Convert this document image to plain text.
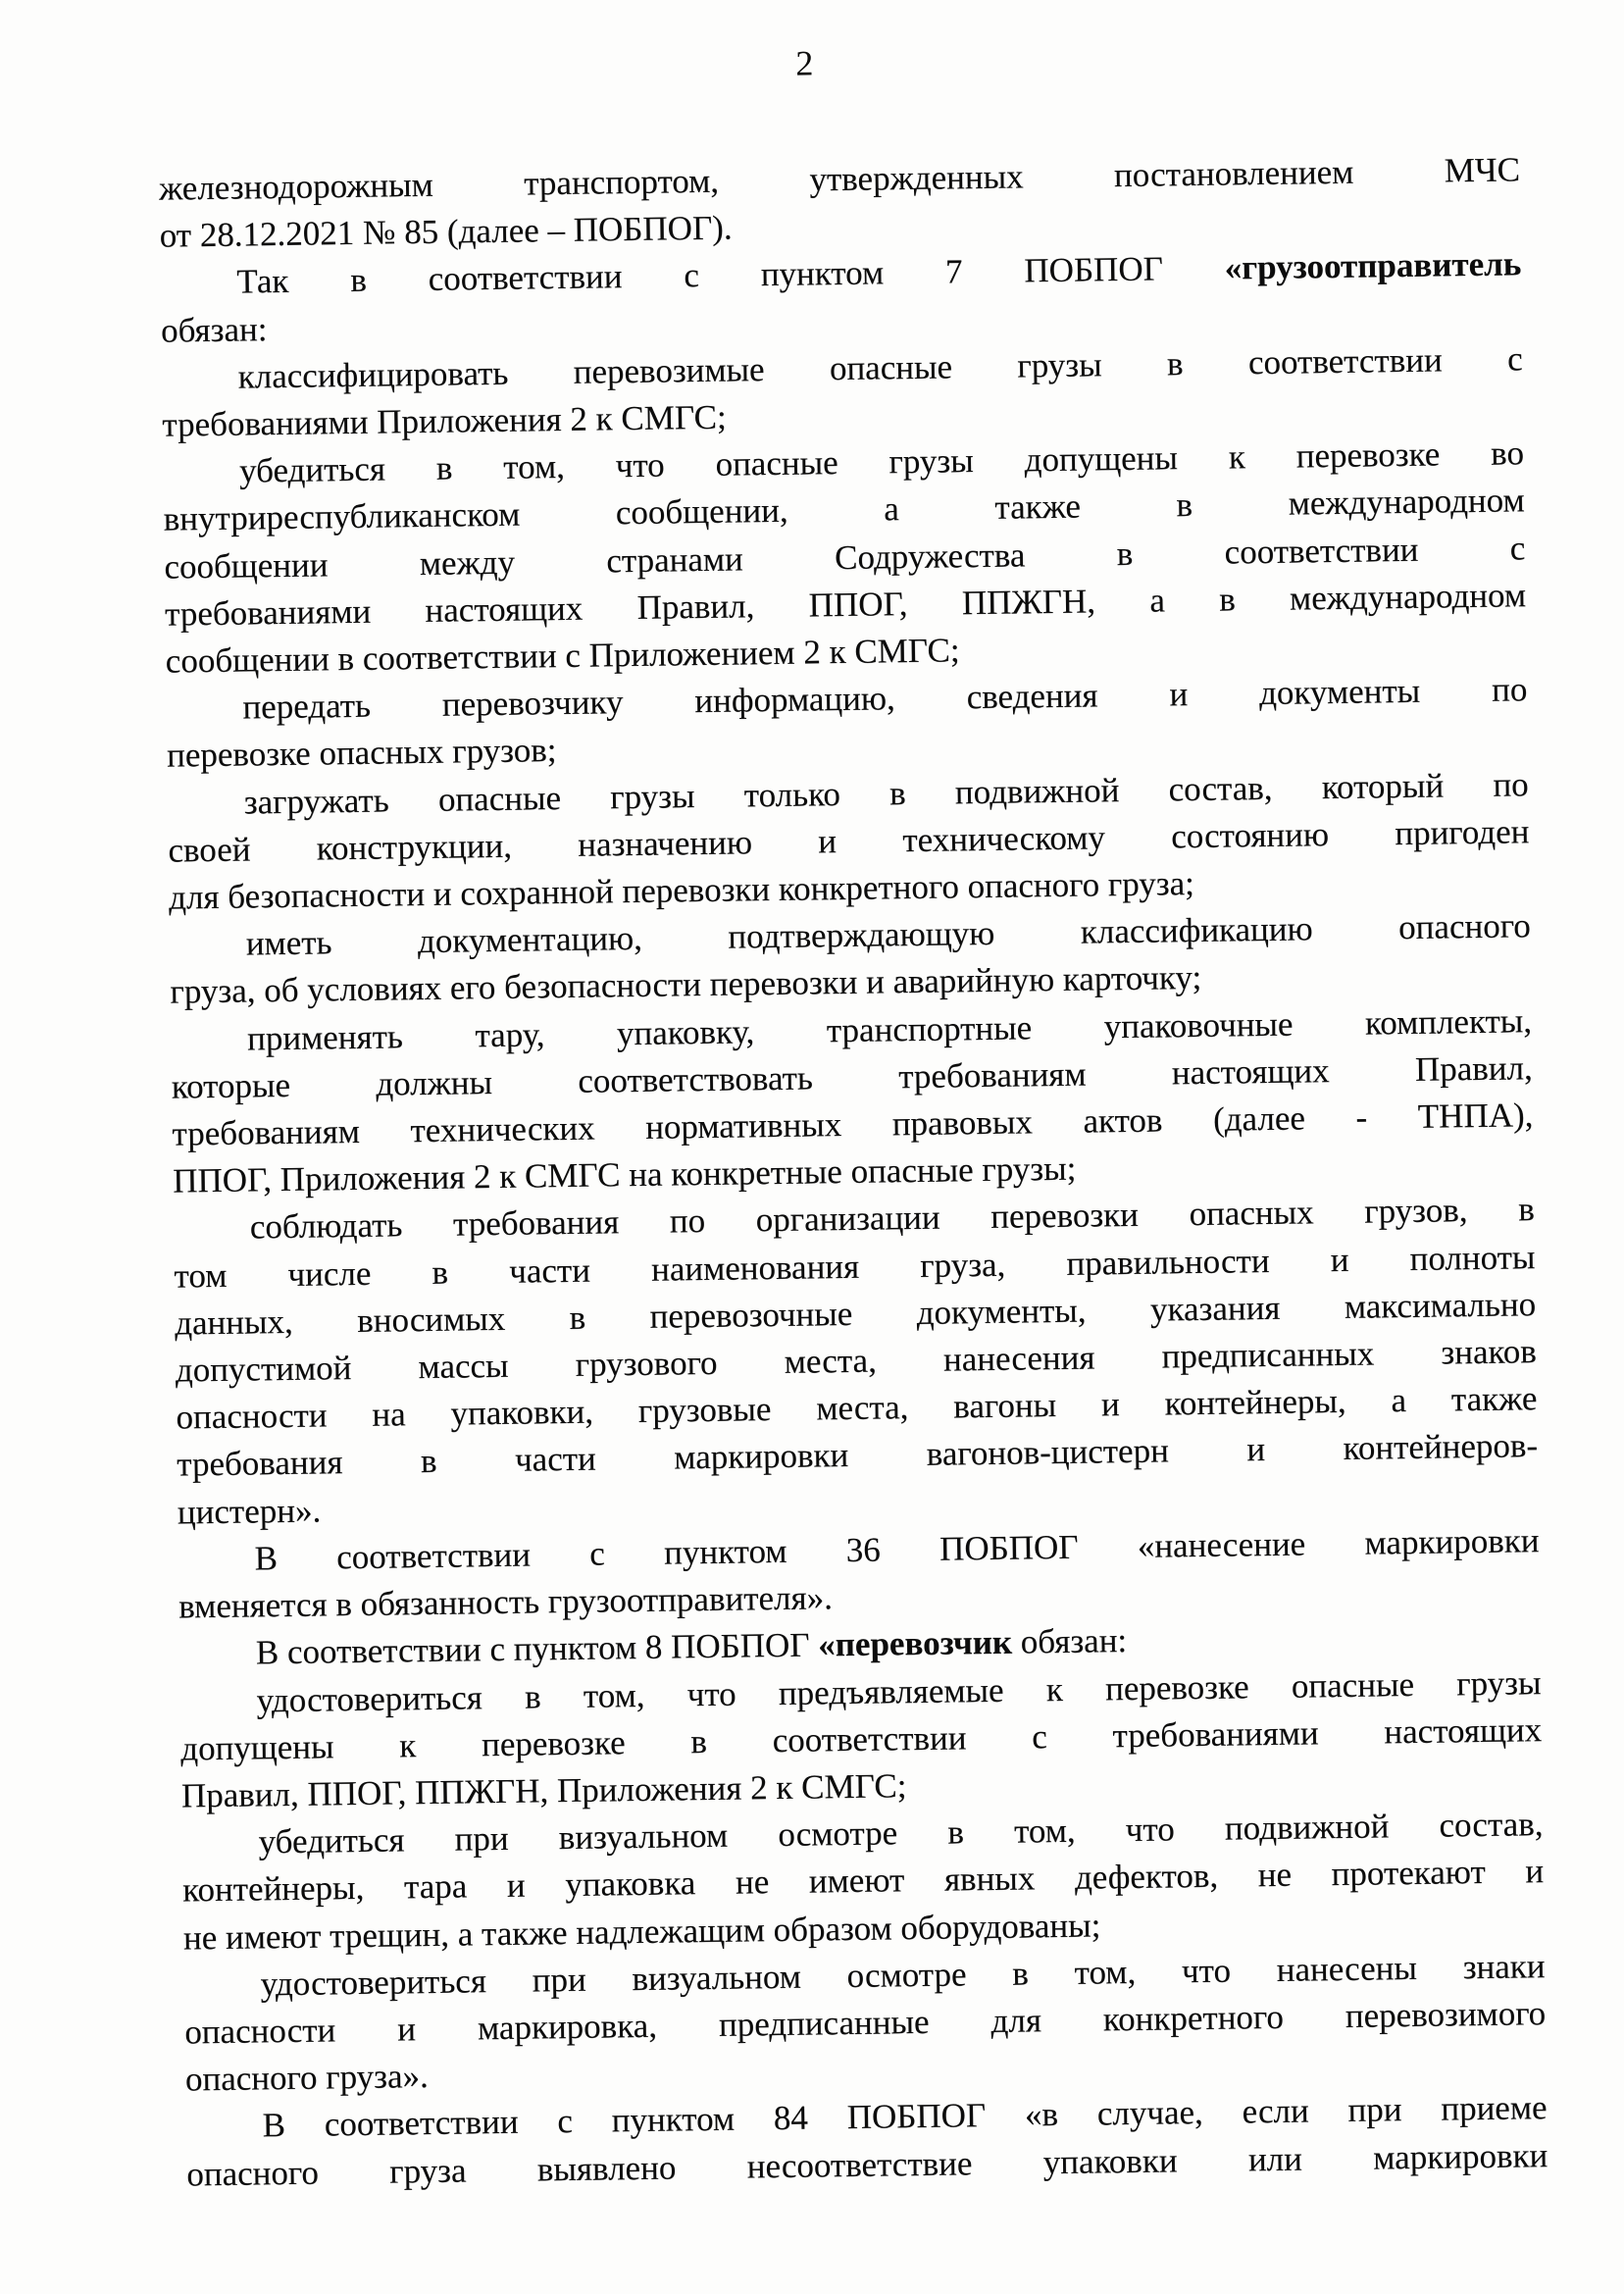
2
железнодорожным транспортом, утвержденных постановлением МЧС
от 28.12.2021 № 85 (далее – ПОБПОГ).
Так в соответствии с пунктом 7 ПОБПОГ «грузоотправитель
обязан:
классифицировать перевозимые опасные грузы в соответствии с
требованиями Приложения 2 к СМГС;
убедиться в том, что опасные грузы допущены к перевозке во
внутриреспубликанском сообщении, а также в международном
сообщении между странами Содружества в соответствии с
требованиями настоящих Правил, ППОГ, ППЖГН, а в международном
сообщении в соответствии с Приложением 2 к СМГС;
передать перевозчику информацию, сведения и документы по
перевозке опасных грузов;
загружать опасные грузы только в подвижной состав, который по
своей конструкции, назначению и техническому состоянию пригоден
для безопасности и сохранной перевозки конкретного опасного груза;
иметь документацию, подтверждающую классификацию опасного
груза, об условиях его безопасности перевозки и аварийную карточку;
применять тару, упаковку, транспортные упаковочные комплекты,
которые должны соответствовать требованиям настоящих Правил,
требованиям технических нормативных правовых актов (далее - ТНПА),
ППОГ, Приложения 2 к СМГС на конкретные опасные грузы;
соблюдать требования по организации перевозки опасных грузов, в
том числе в части наименования груза, правильности и полноты
данных, вносимых в перевозочные документы, указания максимально
допустимой массы грузового места, нанесения предписанных знаков
опасности на упаковки, грузовые места, вагоны и контейнеры, а также
требования в части маркировки вагонов-цистерн и контейнеров-
цистерн».
В соответствии с пунктом 36 ПОБПОГ «нанесение маркировки
вменяется в обязанность грузоотправителя».
В соответствии с пунктом 8 ПОБПОГ «перевозчик обязан:
удостовериться в том, что предъявляемые к перевозке опасные грузы
допущены к перевозке в соответствии с требованиями настоящих
Правил, ППОГ, ППЖГН, Приложения 2 к СМГС;
убедиться при визуальном осмотре в том, что подвижной состав,
контейнеры, тара и упаковка не имеют явных дефектов, не протекают и
не имеют трещин, а также надлежащим образом оборудованы;
удостовериться при визуальном осмотре в том, что нанесены знаки
опасности и маркировка, предписанные для конкретного перевозимого
опасного груза».
В соответствии с пунктом 84 ПОБПОГ «в случае, если при приеме
опасного груза выявлено несоответствие упаковки или маркировки
